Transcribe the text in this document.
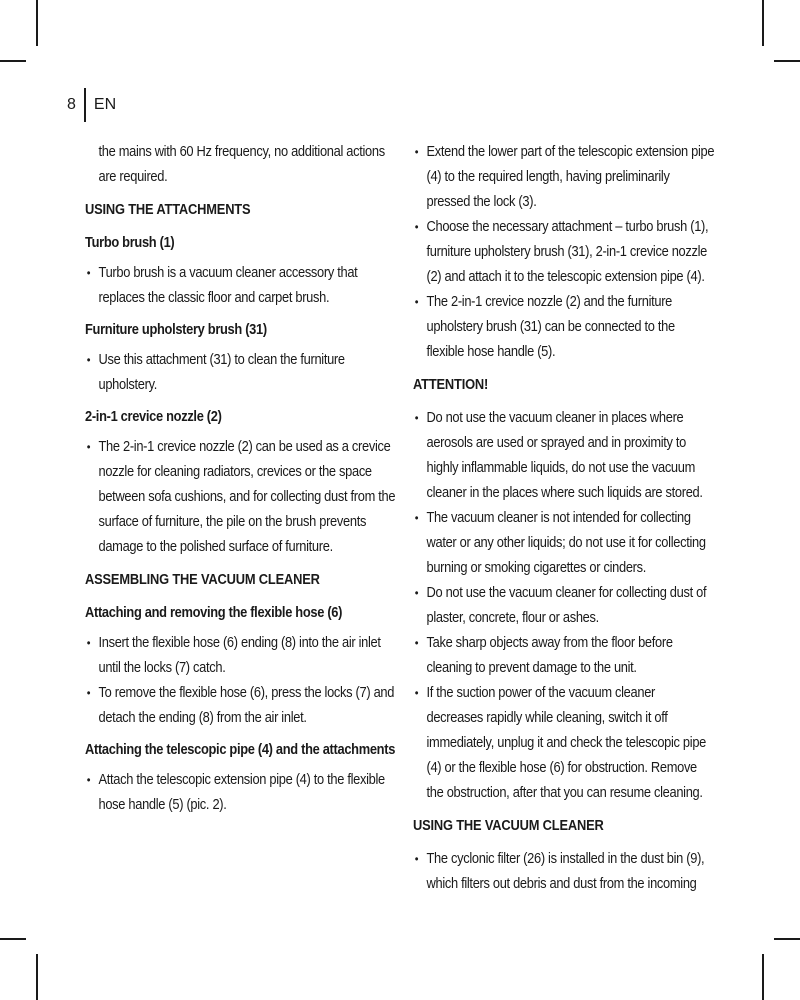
8	EN
the mains with 60 Hz frequency, no additional actions are required.
USING THE ATTACHMENTS
Turbo brush (1)
• Turbo brush is a vacuum cleaner accessory that replaces the classic floor and carpet brush.
Furniture upholstery brush (31)
• Use this attachment (31) to clean the furniture upholstery.
2-in-1 crevice nozzle (2)
• The 2-in-1 crevice nozzle (2) can be used as a crevice nozzle for cleaning radiators, crevices or the space between sofa cushions, and for collecting dust from the surface of furniture, the pile on the brush prevents damage to the polished surface of furniture.
ASSEMBLING THE VACUUM CLEANER
Attaching and removing the flexible hose (6)
• Insert the flexible hose (6) ending (8) into the air inlet until the locks (7) catch.
• To remove the flexible hose (6), press the locks (7) and detach the ending (8) from the air inlet.
Attaching the telescopic pipe (4) and the attachments
• Attach the telescopic extension pipe (4) to the flexible hose handle (5) (pic. 2).
• Extend the lower part of the telescopic extension pipe (4) to the required length, having preliminarily pressed the lock (3).
• Choose the necessary attachment – turbo brush (1), furniture upholstery brush (31), 2-in-1 crevice nozzle (2) and attach it to the telescopic extension pipe (4).
• The 2-in-1 crevice nozzle (2) and the furniture upholstery brush (31) can be connected to the flexible hose handle (5).
ATTENTION!
• Do not use the vacuum cleaner in places where aerosols are used or sprayed and in proximity to highly inflammable liquids, do not use the vacuum cleaner in the places where such liquids are stored.
• The vacuum cleaner is not intended for collecting water or any other liquids; do not use it for collecting burning or smoking cigarettes or cinders.
• Do not use the vacuum cleaner for collecting dust of plaster, concrete, flour or ashes.
• Take sharp objects away from the floor before cleaning to prevent damage to the unit.
• If the suction power of the vacuum cleaner decreases rapidly while cleaning, switch it off immediately, unplug it and check the telescopic pipe (4) or the flexible hose (6) for obstruction. Remove the obstruction, after that you can resume cleaning.
USING THE VACUUM CLEANER
• The cyclonic filter (26) is installed in the dust bin (9), which filters out debris and dust from the incoming
